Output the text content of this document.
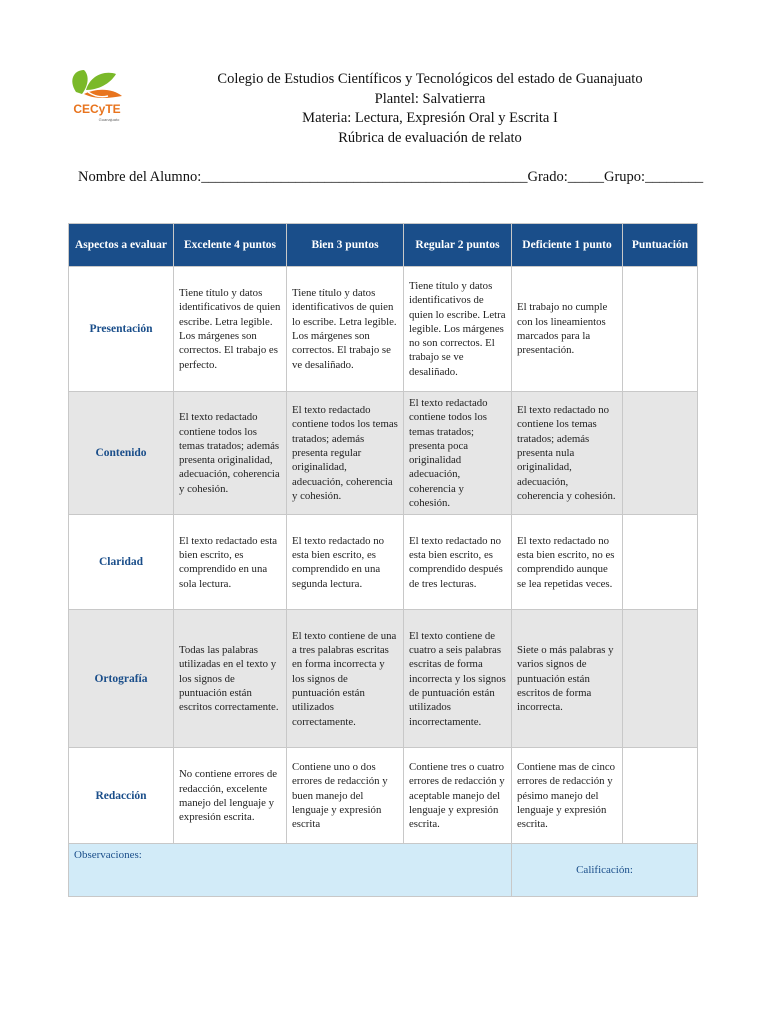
CECyTE
Guanajuato
Colegio de Estudios Científicos y Tecnológicos del estado de Guanajuato
Plantel: Salvatierra
Materia: Lectura, Expresión Oral y Escrita I
Rúbrica de evaluación de relato
Nombre del Alumno:_____________________________________________Grado:_____Grupo:________
Aspectos a evaluar	Excelente 4 puntos	Bien 3 puntos	Regular 2 puntos	Deficiente 1 punto	Puntuación
Presentación	Tiene título y datos identificativos de quien escribe. Letra legible. Los márgenes son correctos. El trabajo es perfecto.	Tiene título y datos identificativos de quien lo escribe. Letra legible. Los márgenes son correctos. El trabajo se ve desaliñado.	Tiene título y datos identificativos de quien lo escribe. Letra legible. Los márgenes no son correctos. El trabajo se ve desaliñado.	El trabajo no cumple con los lineamientos marcados para la presentación.	
Contenido	El texto redactado contiene todos los temas tratados; además presenta originalidad, adecuación, coherencia y cohesión.	El texto redactado contiene todos los temas tratados; además presenta regular originalidad, adecuación, coherencia y cohesión.	El texto redactado contiene todos los temas tratados; presenta poca originalidad adecuación, coherencia y cohesión.	El texto redactado no contiene los temas tratados; además presenta nula originalidad, adecuación, coherencia y cohesión.	
Claridad	El texto redactado esta bien escrito, es comprendido en una sola lectura.	El texto redactado no esta bien escrito, es comprendido en una segunda lectura.	El texto redactado no esta bien escrito, es comprendido después de tres lecturas.	El texto redactado no esta bien escrito, no es comprendido aunque se lea repetidas veces.	
Ortografía	Todas las palabras utilizadas en el texto y los signos de puntuación están escritos correctamente.	El texto contiene de una a tres palabras escritas en forma incorrecta y los signos de puntuación están utilizados correctamente.	El texto contiene de cuatro a seis palabras escritas de forma incorrecta y los signos de puntuación están utilizados incorrectamente.	Siete o más palabras y varios signos de puntuación están escritos de forma incorrecta.	
Redacción	No contiene errores de redacción, excelente manejo del lenguaje y expresión escrita.	Contiene uno o dos errores de redacción y buen manejo del lenguaje y expresión escrita	Contiene tres o cuatro errores de redacción y aceptable manejo del lenguaje y expresión escrita.	Contiene mas de cinco errores de redacción y pésimo manejo del lenguaje y expresión escrita.	
Observaciones:				Calificación:	
